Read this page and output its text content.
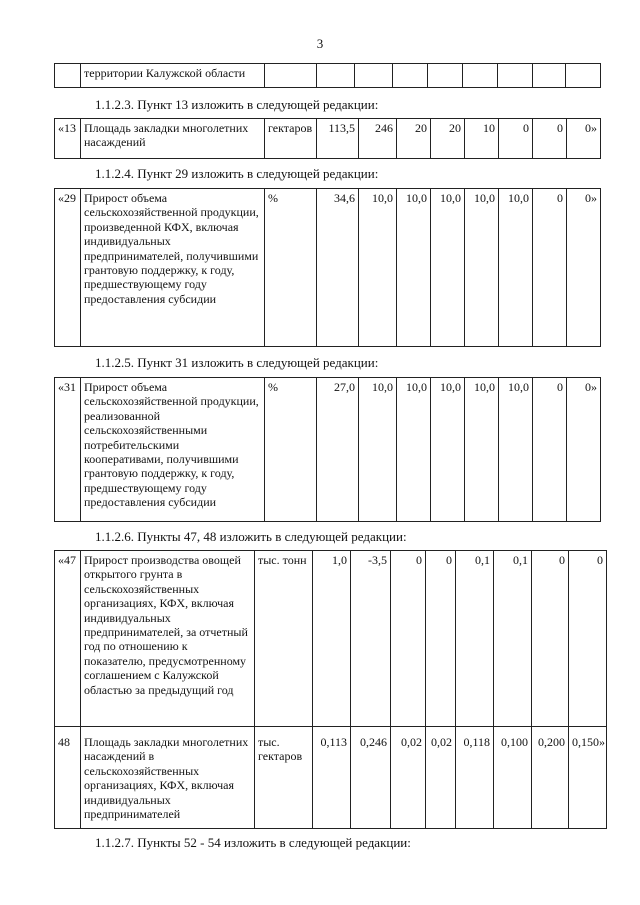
3
	территории Калужской области									
1.1.2.3. Пункт 13 изложить в следующей редакции:
«13	Площадь закладки многолетних насаждений	гектаров	113,5	246	20	20	10	0	0	0»
1.1.2.4. Пункт 29 изложить в следующей редакции:
«29	Прирост объема сельскохозяйственной продукции, произведенной КФХ, включая индивидуальных предпринимателей, получившими грантовую поддержку, к году, предшествующему году предоставления субсидии	%	34,6	10,0	10,0	10,0	10,0	10,0	0	0»
1.1.2.5. Пункт 31 изложить в следующей редакции:
«31	Прирост объема сельскохозяйственной продукции, реализованной сельскохозяйственными потребительскими кооперативами, получившими грантовую поддержку, к году, предшествующему году предоставления субсидии	%	27,0	10,0	10,0	10,0	10,0	10,0	0	0»
1.1.2.6. Пункты 47, 48 изложить в следующей редакции:
«47	Прирост производства овощей открытого грунта в сельскохозяйственных организациях, КФХ, включая индивидуальных предпринимателей, за отчетный год по отношению к показателю, предусмотренному соглашением с Калужской областью за предыдущий год	тыс. тонн	1,0	-3,5	0	0	0,1	0,1	0	0
48	Площадь закладки многолетних насаждений в сельскохозяйственных организациях, КФХ, включая индивидуальных предпринимателей	тыс. гектаров	0,113	0,246	0,02	0,02	0,118	0,100	0,200	0,150»
1.1.2.7. Пункты 52 - 54 изложить в следующей редакции:
